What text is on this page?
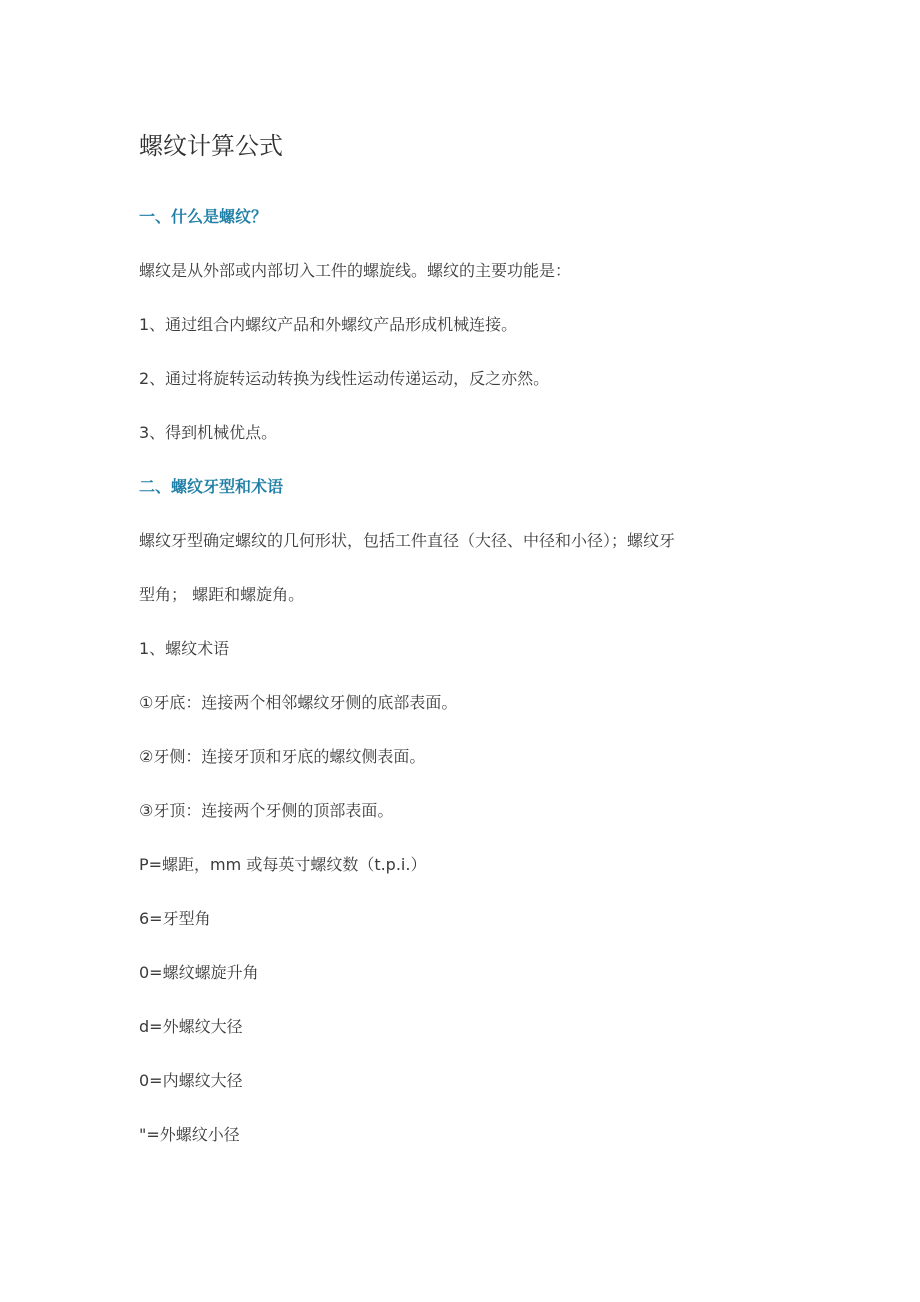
螺纹计算公式
一、什么是螺纹？
螺纹是从外部或内部切入工件的螺旋线。螺纹的主要功能是：
1、通过组合内螺纹产品和外螺纹产品形成机械连接。
2、通过将旋转运动转换为线性运动传递运动，反之亦然。
3、得到机械优点。
二、螺纹牙型和术语
螺纹牙型确定螺纹的几何形状，包括工件直径（大径、中径和小径）；螺纹牙
型角； 螺距和螺旋角。
1、螺纹术语
①牙底：连接两个相邻螺纹牙侧的底部表面。
②牙侧：连接牙顶和牙底的螺纹侧表面。
③牙顶：连接两个牙侧的顶部表面。
P=螺距，mm 或每英寸螺纹数（t.p.i.）
6=牙型角
0=螺纹螺旋升角
d=外螺纹大径
0=内螺纹大径
"=外螺纹小径
